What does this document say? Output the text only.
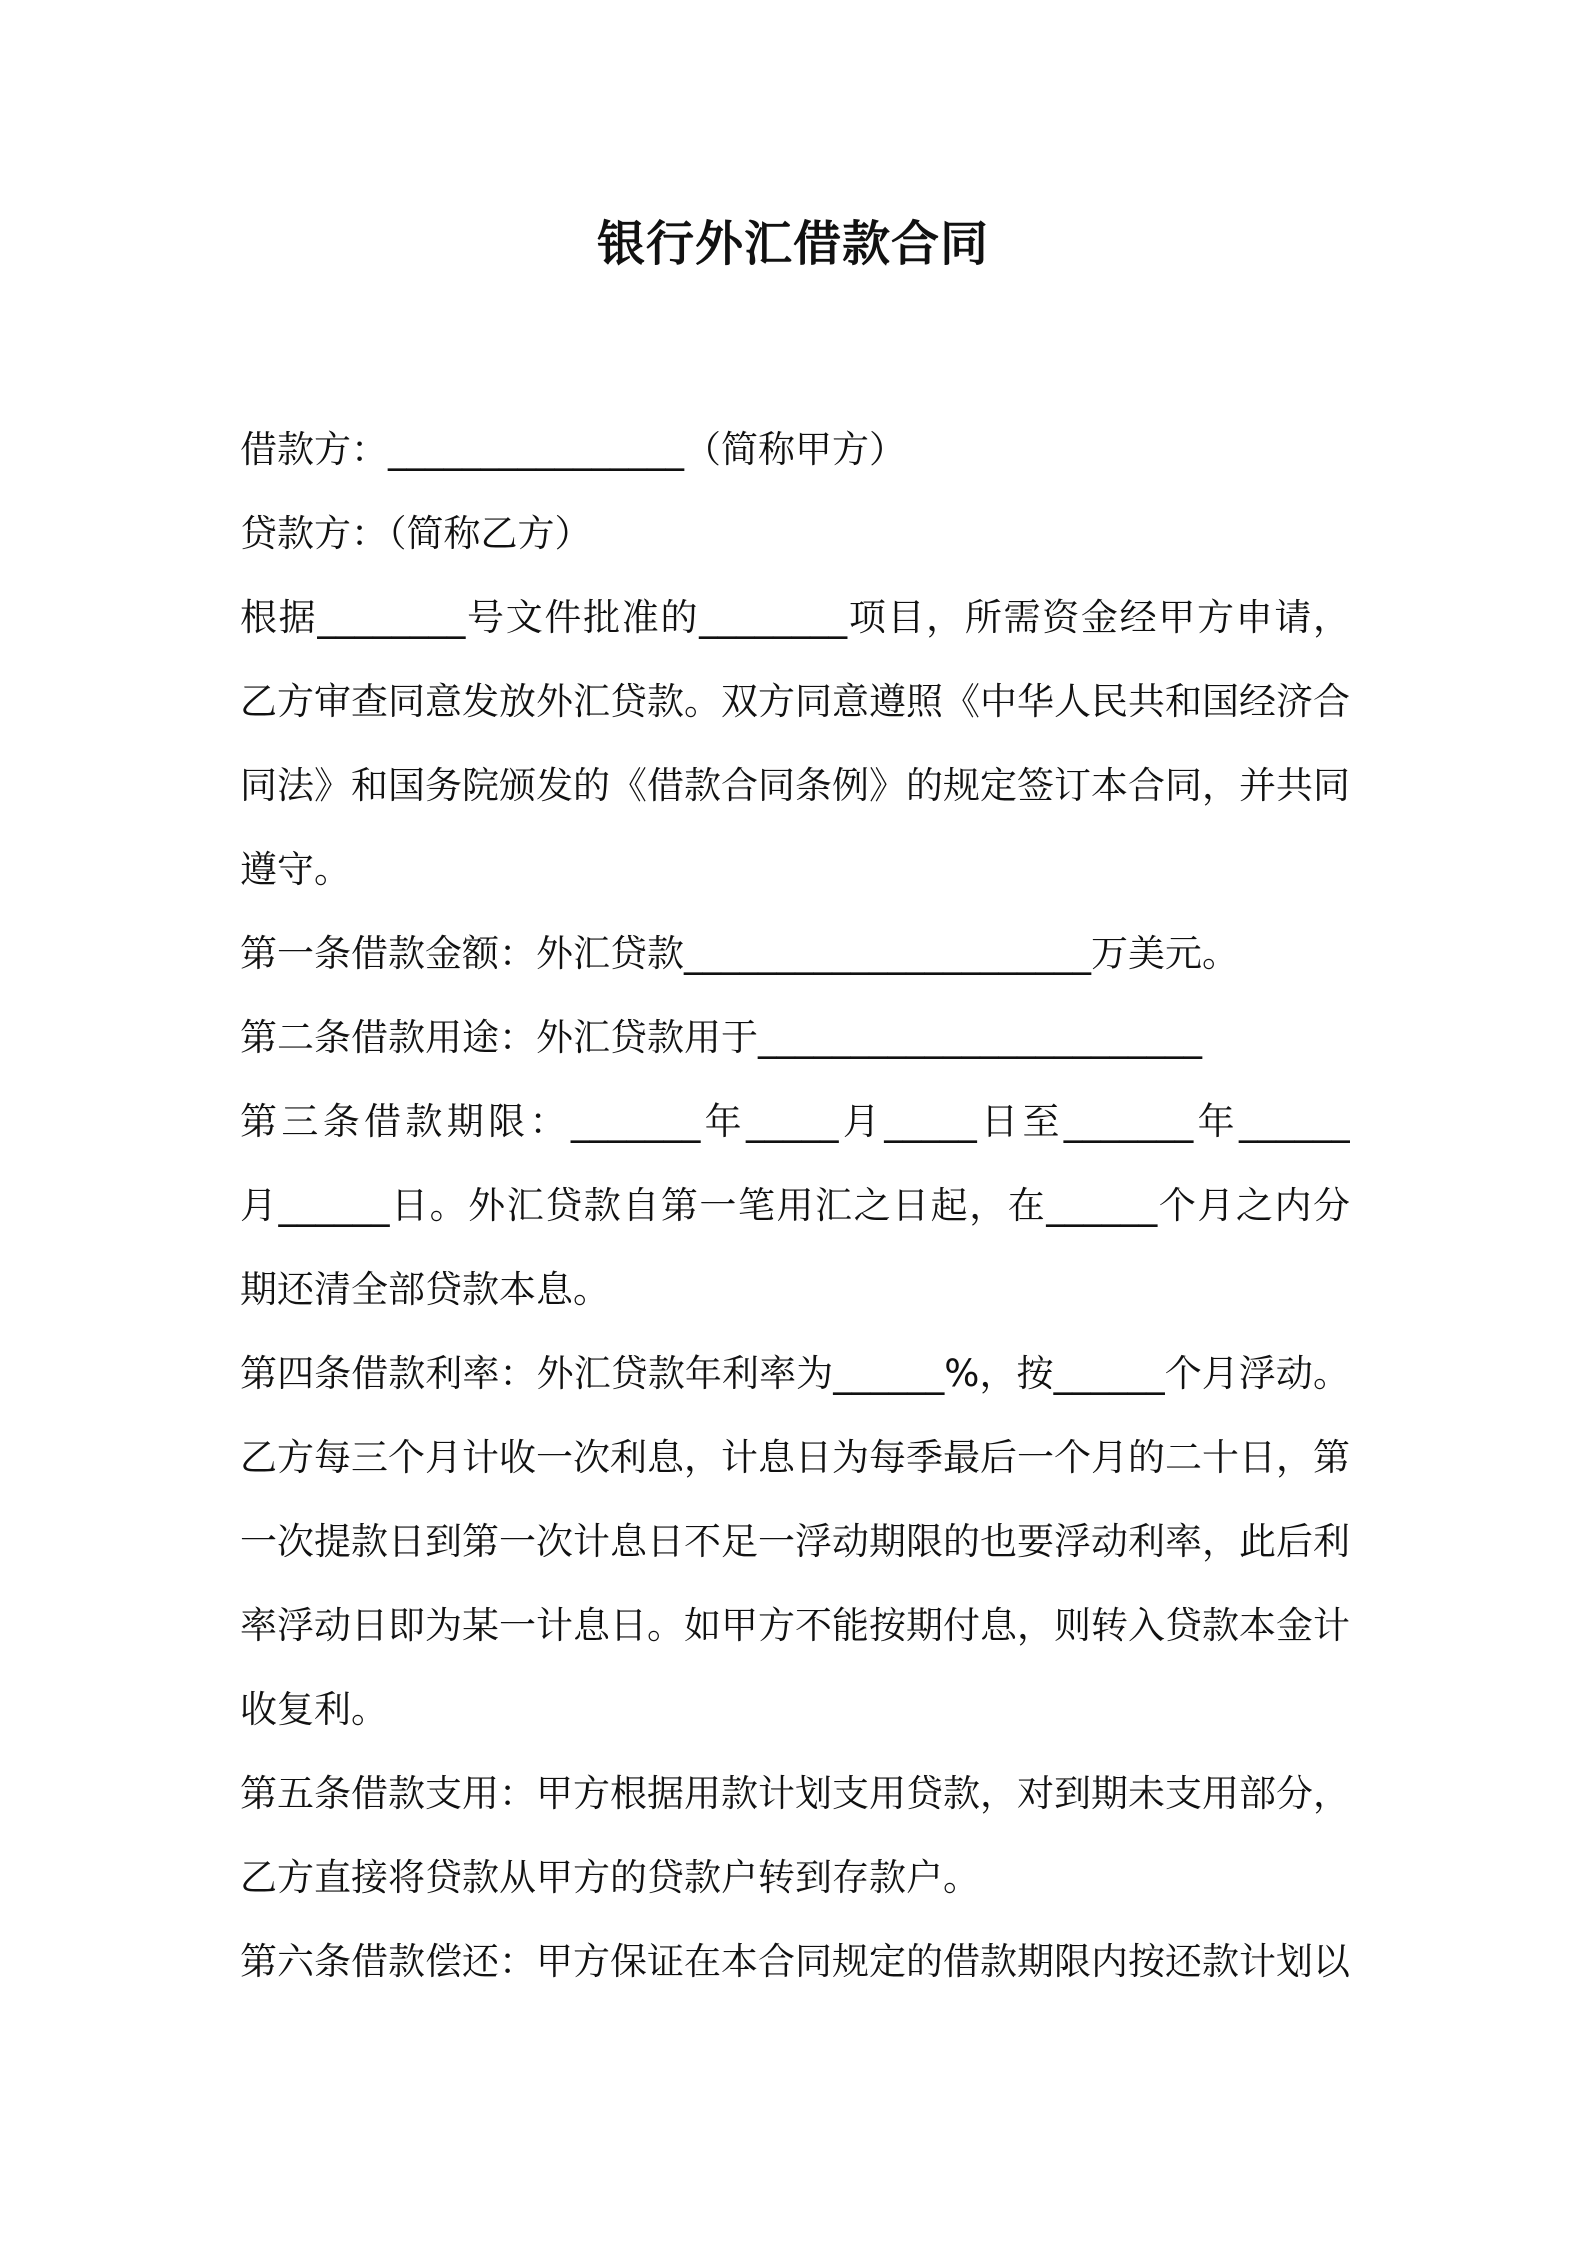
银行外汇借款合同
借款方：________________（简称甲方）
贷款方：（简称乙方）
根据________号文件批准的________项目，所需资金经甲方申请，
乙方审查同意发放外汇贷款。双方同意遵照《中华人民共和国经济合
同法》和国务院颁发的《借款合同条例》的规定签订本合同，并共同
遵守。
第一条借款金额：外汇贷款______________________万美元。
第二条借款用途：外汇贷款用于________________________
第三条借款期限：_______年_____月_____日至_______年______
月______日。外汇贷款自第一笔用汇之日起，在______个月之内分
期还清全部贷款本息。
第四条借款利率：外汇贷款年利率为______%，按______个月浮动。
乙方每三个月计收一次利息，计息日为每季最后一个月的二十日，第
一次提款日到第一次计息日不足一浮动期限的也要浮动利率，此后利
率浮动日即为某一计息日。如甲方不能按期付息，则转入贷款本金计
收复利。
第五条借款支用：甲方根据用款计划支用贷款，对到期未支用部分，
乙方直接将贷款从甲方的贷款户转到存款户。
第六条借款偿还：甲方保证在本合同规定的借款期限内按还款计划以
